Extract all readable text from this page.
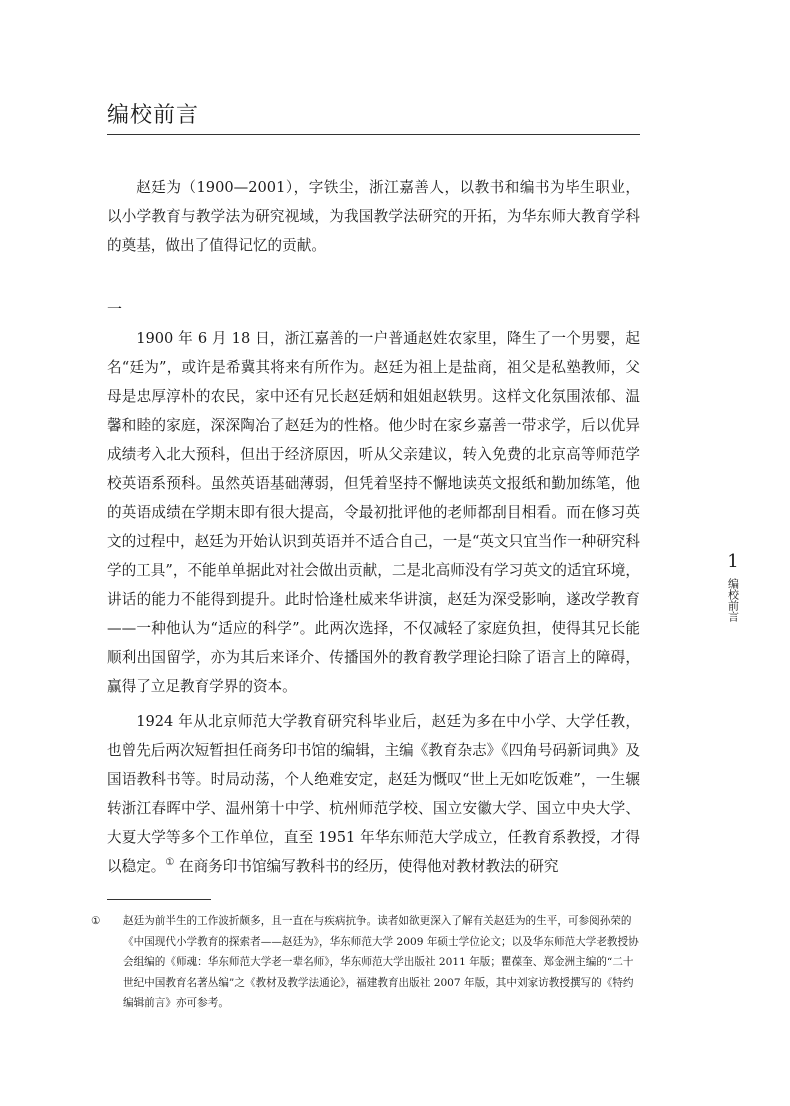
编校前言

赵廷为（1900—2001），字铁尘，浙江嘉善人，以教书和编书为毕生职业，以小学教育与教学法为研究视域，为我国教学法研究的开拓，为华东师大教育学科的奠基，做出了值得记忆的贡献。

一

1900 年 6 月 18 日，浙江嘉善的一户普通赵姓农家里，降生了一个男婴，起名“廷为”，或许是希冀其将来有所作为。赵廷为祖上是盐商，祖父是私塾教师，父母是忠厚淳朴的农民，家中还有兄长赵廷炳和姐姐赵轶男。这样文化氛围浓郁、温馨和睦的家庭，深深陶冶了赵廷为的性格。他少时在家乡嘉善一带求学，后以优异成绩考入北大预科，但出于经济原因，听从父亲建议，转入免费的北京高等师范学校英语系预科。虽然英语基础薄弱，但凭着坚持不懈地读英文报纸和勤加练笔，他的英语成绩在学期末即有很大提高，令最初批评他的老师都刮目相看。而在修习英文的过程中，赵廷为开始认识到英语并不适合自己，一是“英文只宜当作一种研究科学的工具”，不能单单据此对社会做出贡献，二是北高师没有学习英文的适宜环境，讲话的能力不能得到提升。此时恰逢杜威来华讲演，赵廷为深受影响，遂改学教育——一种他认为“适应的科学”。此两次选择，不仅减轻了家庭负担，使得其兄长能顺利出国留学，亦为其后来译介、传播国外的教育教学理论扫除了语言上的障碍，赢得了立足教育学界的资本。

1924 年从北京师范大学教育研究科毕业后，赵廷为多在中小学、大学任教，也曾先后两次短暂担任商务印书馆的编辑，主编《教育杂志》《四角号码新词典》及国语教科书等。时局动荡，个人绝难安定，赵廷为慨叹“世上无如吃饭难”，一生辗转浙江春晖中学、温州第十中学、杭州师范学校、国立安徽大学、国立中央大学、大夏大学等多个工作单位，直至 1951 年华东师范大学成立，任教育系教授，才得以稳定。① 在商务印书馆编写教科书的经历，使得他对教材教法的研究

① 赵廷为前半生的工作波折颇多，且一直在与疾病抗争。读者如欲更深入了解有关赵廷为的生平，可参阅孙荣的《中国现代小学教育的探索者——赵廷为》，华东师范大学 2009 年硕士学位论文；以及华东师范大学老教授协会组编的《师魂：华东师范大学老一辈名师》，华东师范大学出版社 2011 年版；瞿葆奎、郑金洲主编的“二十世纪中国教育名著丛编”之《教材及教学法通论》，福建教育出版社 2007 年版，其中刘家访教授撰写的《特约编辑前言》亦可参考。
1
编校前言
